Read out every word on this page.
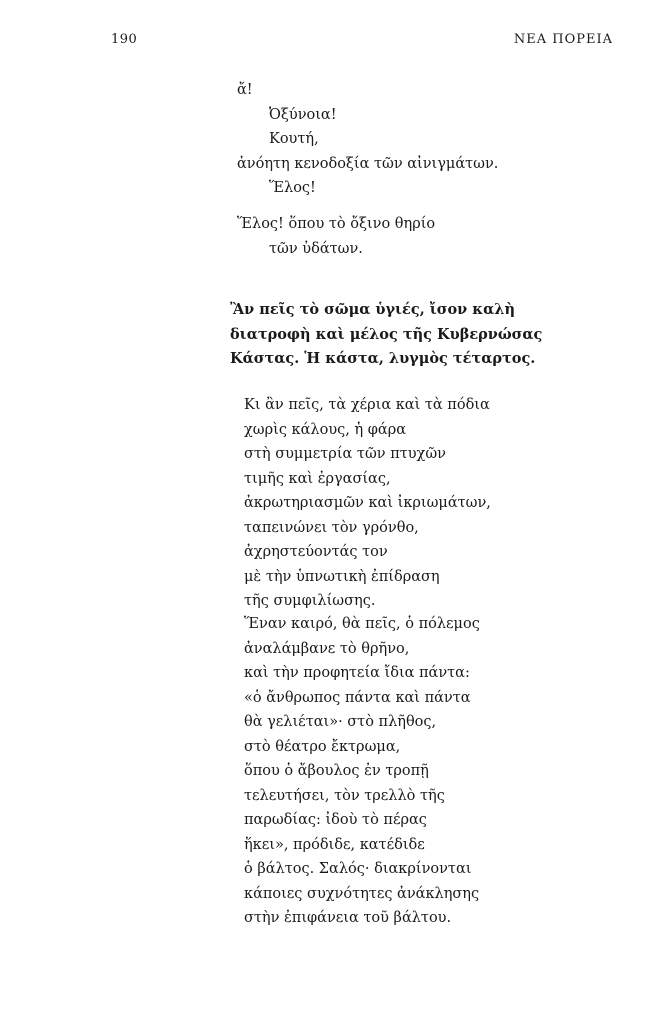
190	ΝΕΑ ΠΟΡΕΙΑ
ἄ!
Ὀξύνοια!
Κουτή,
ἀνόητη κενοδοξία τῶν αἰνιγμάτων.
Ἕλος!
Ἕλος! ὅπου τὸ ὄξινο θηρίο
τῶν ὑδάτων.
Ἂν πεῖς τὸ σῶμα ὑγιές, ἴσον καλὴ
διατροφὴ καὶ μέλος τῆς Κυβερνώσας
Κάστας. Ἡ κάστα, λυγμὸς τέταρτος.
Κι ἂν πεῖς, τὰ χέρια καὶ τὰ πόδια
χωρὶς κάλους, ἡ φάρα
στὴ συμμετρία τῶν πτυχῶν
τιμῆς καὶ ἐργασίας,
ἀκρωτηριασμῶν καὶ ἰκριωμάτων,
ταπεινώνει τὸν γρόνθο,
ἀχρηστεύοντάς τον
μὲ τὴν ὑπνωτικὴ ἐπίδραση
τῆς συμφιλίωσης.
Ἕναν καιρό, θὰ πεῖς, ὁ πόλεμος
ἀναλάμβανε τὸ θρῆνο,
καὶ τὴν προφητεία ἴδια πάντα:
«ὁ ἄνθρωπος πάντα καὶ πάντα
θὰ γελιέται»· στὸ πλῆθος,
στὸ θέατρο ἔκτρωμα,
ὅπου ὁ ἄβουλος ἐν τροπῇ
τελευτήσει, τὸν τρελλὸ τῆς
παρωδίας: ἰδοὺ τὸ πέρας
ἥκει», πρόδιδε, κατέδιδε
ὁ βάλτος. Σαλός· διακρίνονται
κάποιες συχνότητες ἀνάκλησης
στὴν ἐπιφάνεια τοῦ βάλτου.
